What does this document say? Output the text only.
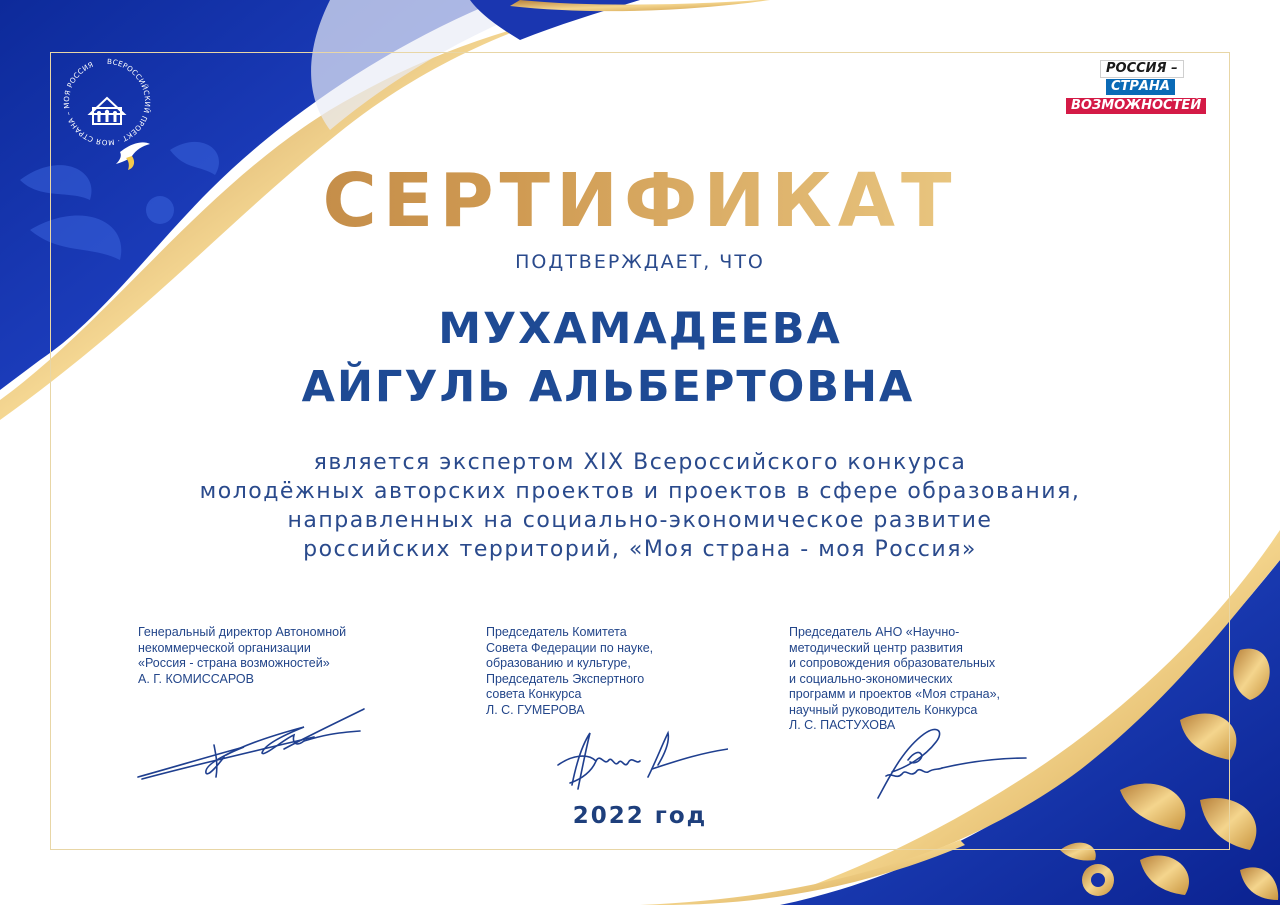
ВСЕРОССИЙСКИЙ ПРОЕКТ · МОЯ СТРАНА – МОЯ РОССИЯ	РОССИЯ –
СТРАНА
ВОЗМОЖНОСТЕЙ
СЕРТИФИКАТ
ПОДТВЕРЖДАЕТ, ЧТО
МУХАМАДЕЕВА
АЙГУЛЬ АЛЬБЕРТОВНА
является экспертом XIX Всероссийского конкурса
молодёжных авторских проектов и проектов в сфере образования,
направленных на социально-экономическое развитие
российских территорий, «Моя страна - моя Россия»
Генеральный директор Автономной
некоммерческой организации
«Россия - страна возможностей»
А. Г. КОМИССАРОВ
Председатель Комитета
Совета Федерации по науке,
образованию и культуре,
Председатель Экспертного
совета Конкурса
Л. С. ГУМЕРОВА
Председатель АНО «Научно-
методический центр развития
и сопровождения образовательных
и социально-экономических
программ и проектов «Моя страна»,
научный руководитель Конкурса
Л. С. ПАСТУХОВА
2022 год
